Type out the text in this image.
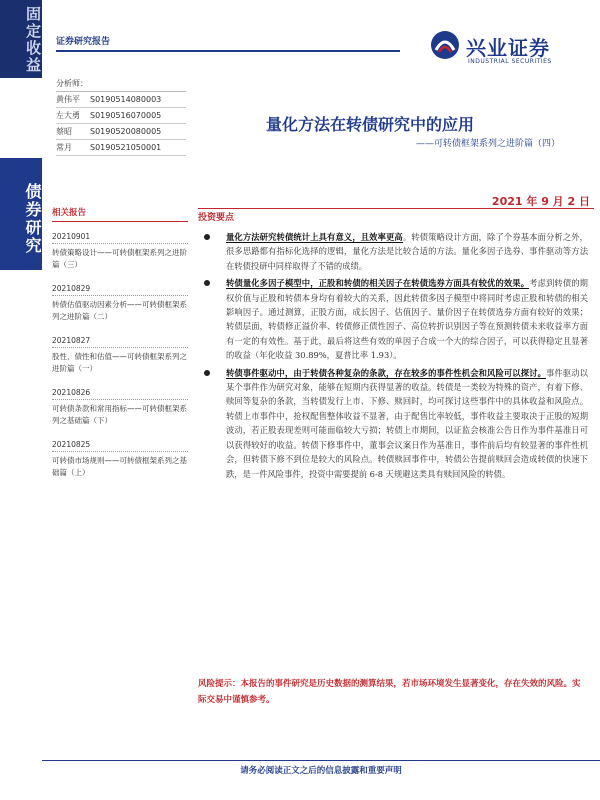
固定收益
债券研究
证券研究报告	兴业证券
INDUSTRIAL SECURITIES
分析师：
黄伟平	S0190514080003
左大勇	S0190516070005
蔡昭	S0190520080005
常月	S0190521050001
量化方法在转债研究中的应用
——可转债框架系列之进阶篇（四）
2021 年 9 月 2 日
投资要点
相关报告
20210901
转债策略设计——可转债框架系列之进阶篇（三）
20210829
转债估值驱动因素分析——可转债框架系列之进阶篇（二）
20210827
股性、债性和估值——可转债框架系列之进阶篇（一）
20210826
可转债条款和常用指标——可转债框架系列之基础篇（下）
20210825
可转债市场规则——可转债框架系列之基础篇（上）
量化方法研究转债统计上具有意义，且效率更高。转债策略设计方面，除了个券基本面分析之外，很多思路都有指标化选择的逻辑，量化方法是比较合适的方法。量化多因子选券、事件驱动等方法在转债投研中同样取得了不错的成绩。
转债量化多因子模型中，正股和转债的相关因子在转债选券方面具有较优的效果。考虑到转债的期权价值与正股和转债本身均有着较大的关系，因此转债多因子模型中将同时考虑正股和转债的相关影响因子。通过测算，正股方面，成长因子、估值因子、量价因子在转债选券方面有较好的效果；转债层面，转债修正溢价率、转债修正债性因子、高位转折识别因子等在预测转债未来收益率方面有一定的有效性。基于此，最后将这些有效的单因子合成一个大的综合因子，可以获得稳定且显著的收益（年化收益 30.89%，夏普比率 1.93）。
转债事件驱动中，由于转债各种复杂的条款，存在较多的事件性机会和风险可以探讨。事件驱动以某个事件作为研究对象，能够在短期内获得显著的收益。转债是一类较为特殊的资产，有着下修、赎回等复杂的条款，当转债发行上市、下修、赎回时，均可探讨这些事件中的具体收益和风险点。转债上市事件中，抢权配售整体收益不显著，由于配售比率较低，事件收益主要取决于正股的短期波动，若正股表现差则可能面临较大亏损；转债上市期间，以证监会核准公告日作为事件基准日可以获得较好的收益。转债下修事件中，董事会议案日作为基准日，事件前后均有较显著的事件性机会，但转债下修不到位是较大的风险点。转债赎回事件中，转债公告提前赎回会造成转债的快速下跌，是一件风险事件，投资中需要提前 6-8 天规避这类具有赎回风险的转债。
风险提示：本报告的事件研究是历史数据的测算结果，若市场环境发生显著变化，存在失效的风险。实际交易中谨慎参考。
请务必阅读正文之后的信息披露和重要声明
